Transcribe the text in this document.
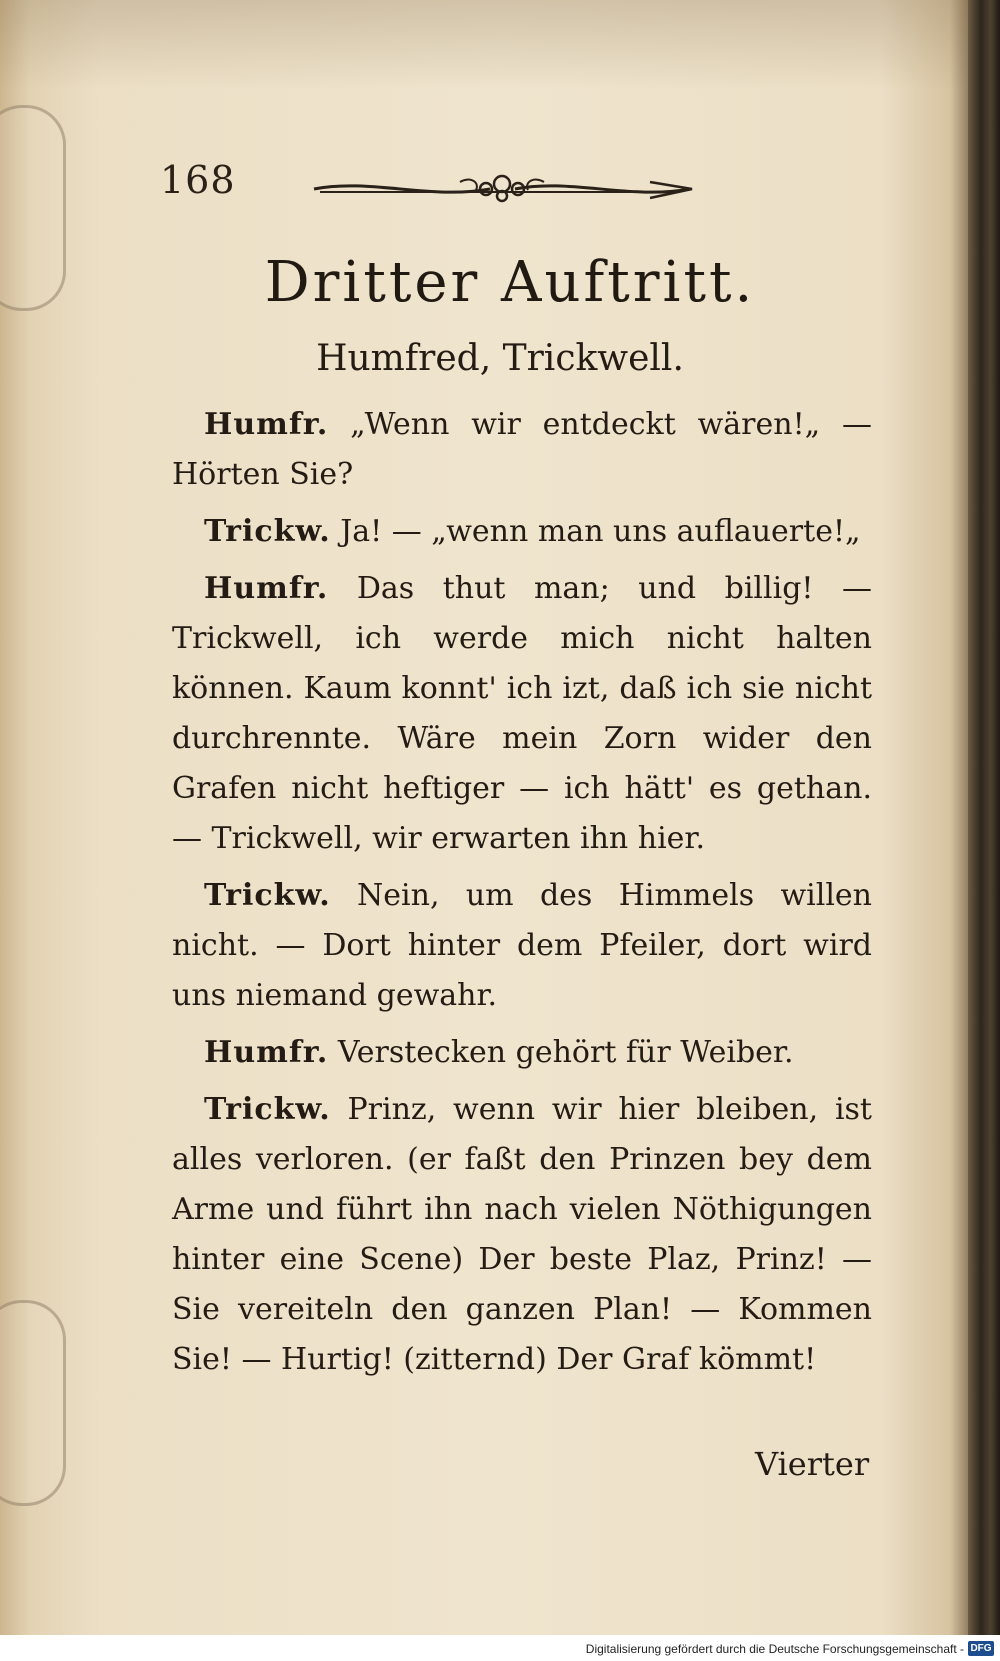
168
Dritter Auftritt.
Humfred, Trickwell.

Humfr. „Wenn wir entdeckt wären!„ — Hörten Sie?

Trickw. Ja! — „wenn man uns auflauerte!„

Humfr. Das thut man; und billig! — Trickwell, ich werde mich nicht halten können. Kaum konnt' ich izt, daß ich sie nicht durchrennte. Wäre mein Zorn wider den Grafen nicht heftiger — ich hätt' es gethan. — Trickwell, wir erwarten ihn hier.

Trickw. Nein, um des Himmels willen nicht. — Dort hinter dem Pfeiler, dort wird uns niemand gewahr.

Humfr. Verstecken gehört für Weiber.

Trickw. Prinz, wenn wir hier bleiben, ist alles verloren. (er faßt den Prinzen bey dem Arme und führt ihn nach vielen Nöthigungen hinter eine Scene) Der beste Plaz, Prinz! — Sie vereiteln den ganzen Plan! — Kommen Sie! — Hurtig! (zitternd) Der Graf kömmt!

Vierter
Digitalisierung gefördert durch die Deutsche Forschungsgemeinschaft - DFG
